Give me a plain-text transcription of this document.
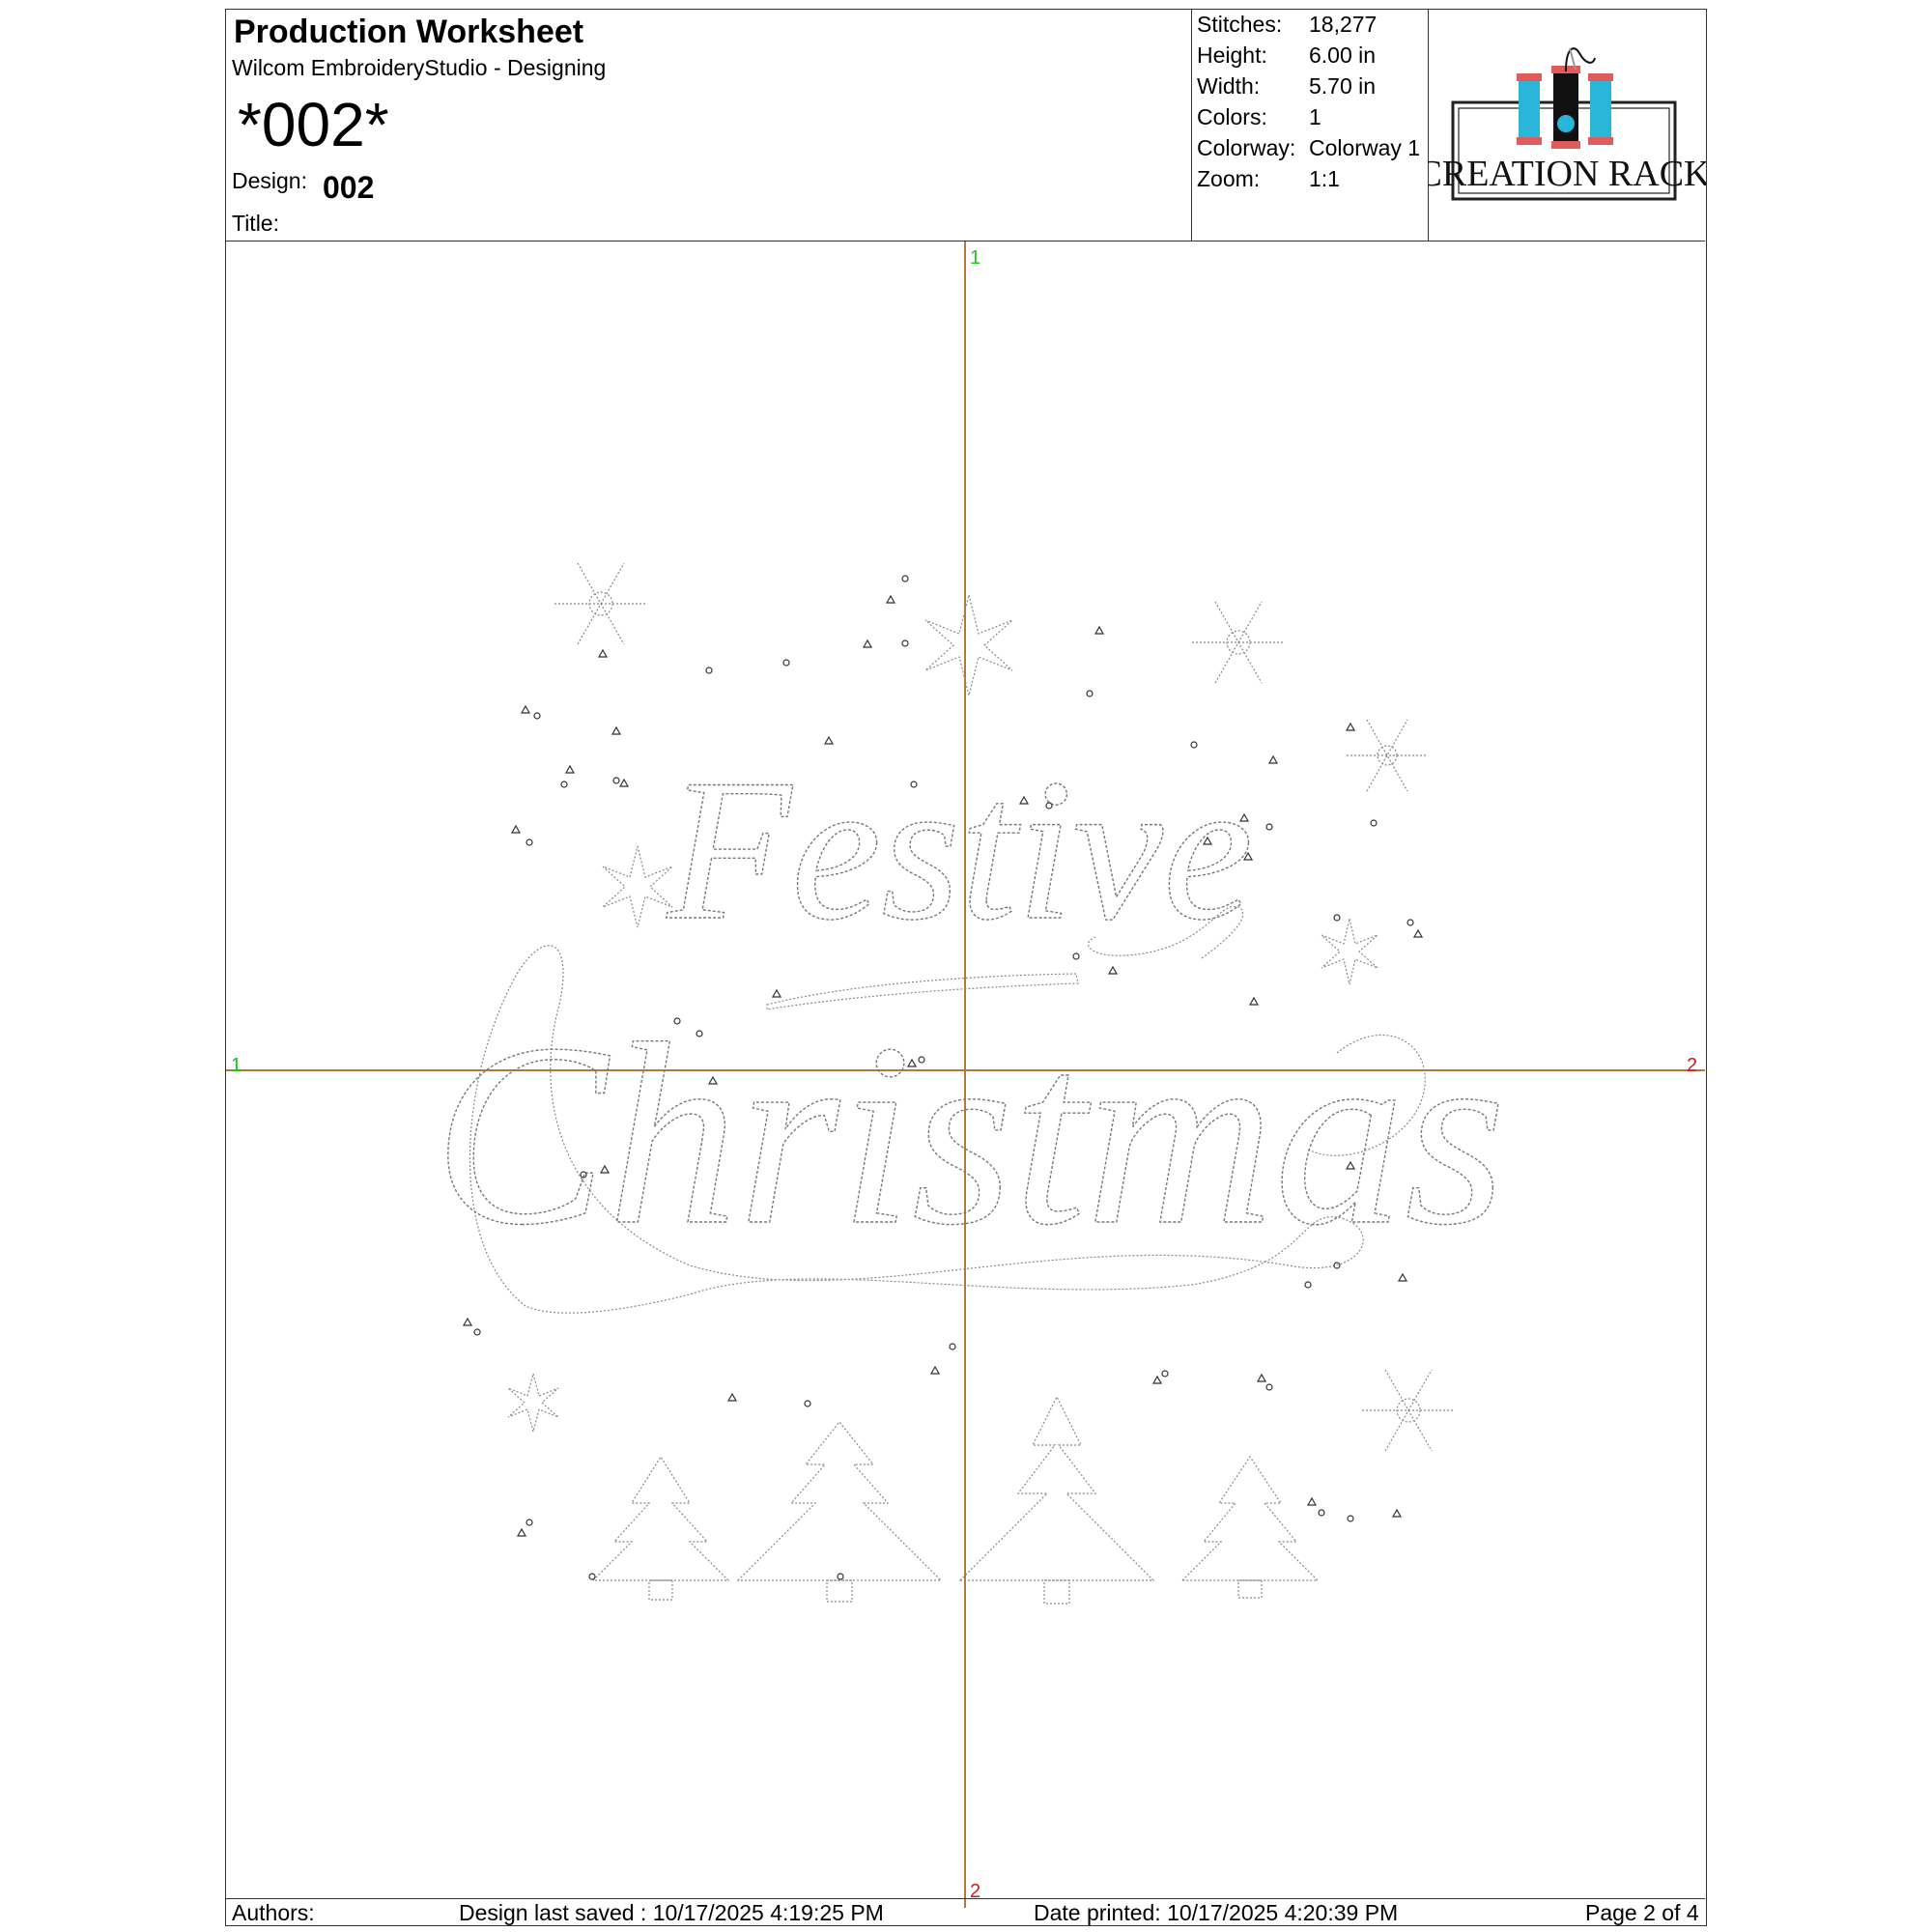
Production Worksheet
Wilcom EmbroideryStudio - Designing
*002*
Design: 002
Title:
Stitches: 18,277
Height: 6.00 in
Width: 5.70 in
Colors: 1
Colorway: Colorway 1
Zoom: 1:1 CREATION RACK
1
1	2
2
Festive
Christmas
Authors:	Design last saved : 10/17/2025 4:19:25 PM	Date printed: 10/17/2025 4:20:39 PM	Page 2 of 4
